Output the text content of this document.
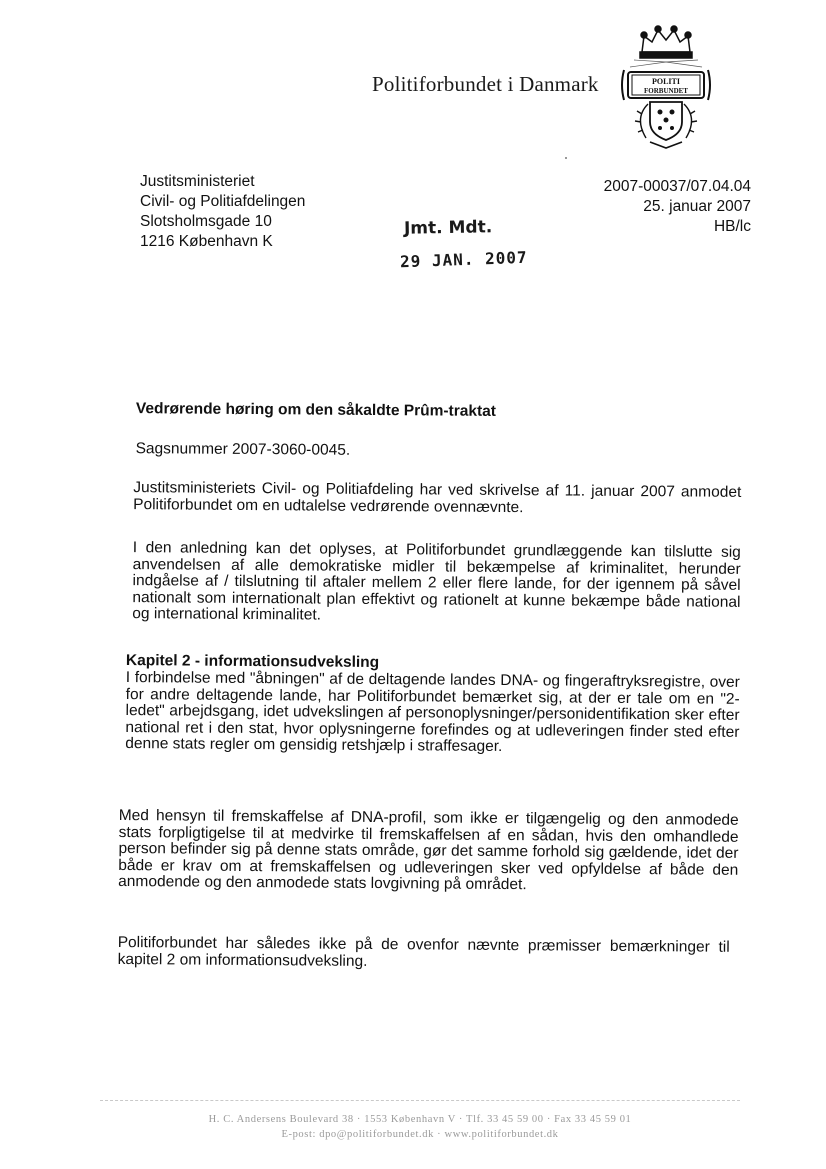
Politiforbundet i Danmark	POLITI
FORBUNDET
Justitsministeriet
Civil- og Politiafdelingen
Slotsholmsgade 10
1216 København K
2007-00037/07.04.04
25. januar 2007
HB/lc
Jmt. Mdt.
29 JAN. 2007
Vedrørende høring om den såkaldte Prûm-traktat
Sagsnummer 2007-3060-0045.
Justitsministeriets Civil- og Politiafdeling har ved skrivelse af 11. januar 2007 anmodet Politiforbundet om en udtalelse vedrørende ovennævnte.
I den anledning kan det oplyses, at Politiforbundet grundlæggende kan tilslutte sig anvendelsen af alle demokratiske midler til bekæmpelse af kriminalitet, herunder indgåelse af / tilslutning til aftaler mellem 2 eller flere lande, for der igennem på såvel nationalt som internationalt plan effektivt og rationelt at kunne bekæmpe både national og international kriminalitet.
Kapitel 2 - informationsudveksling
I forbindelse med "åbningen" af de deltagende landes DNA- og fingeraftryksregistre, over for andre deltagende lande, har Politiforbundet bemærket sig, at der er tale om en "2-ledet" arbejdsgang, idet udvekslingen af personoplysninger/personidentifikation sker efter national ret i den stat, hvor oplysningerne forefindes og at udleveringen finder sted efter denne stats regler om gensidig retshjælp i straffesager.
Med hensyn til fremskaffelse af DNA-profil, som ikke er tilgængelig og den anmodede stats forpligtigelse til at medvirke til fremskaffelsen af en sådan, hvis den omhandlede person befinder sig på denne stats område, gør det samme forhold sig gældende, idet der både er krav om at fremskaffelsen og udleveringen sker ved opfyldelse af både den anmodende og den anmodede stats lovgivning på området.
Politiforbundet har således ikke på de ovenfor nævnte præmisser bemærkninger til kapitel 2 om informationsudveksling.
H. C. Andersens Boulevard 38 · 1553 København V · Tlf. 33 45 59 00 · Fax 33 45 59 01
E-post: dpo@politiforbundet.dk · www.politiforbundet.dk
